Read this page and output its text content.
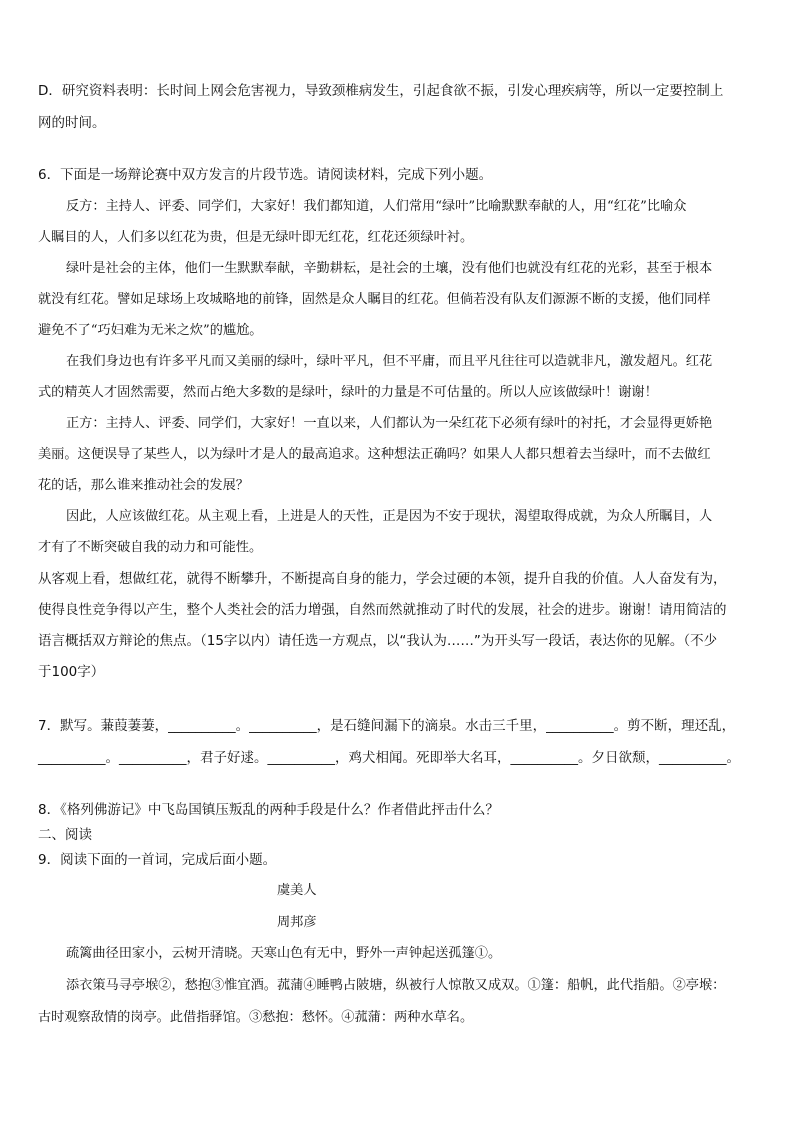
D．研究资料表明：长时间上网会危害视力，导致颈椎病发生，引起食欲不振，引发心理疾病等，所以一定要控制上
网的时间。
6．下面是一场辩论赛中双方发言的片段节选。请阅读材料，完成下列小题。
反方：主持人、评委、同学们，大家好！我们都知道，人们常用“绿叶”比喻默默奉献的人，用“红花”比喻众
人瞩目的人，人们多以红花为贵，但是无绿叶即无红花，红花还须绿叶衬。
绿叶是社会的主体，他们一生默默奉献，辛勤耕耘，是社会的土壤，没有他们也就没有红花的光彩，甚至于根本
就没有红花。譬如足球场上攻城略地的前锋，固然是众人瞩目的红花。但倘若没有队友们源源不断的支援，他们同样
避免不了“巧妇难为无米之炊”的尴尬。
在我们身边也有许多平凡而又美丽的绿叶，绿叶平凡，但不平庸，而且平凡往往可以造就非凡，激发超凡。红花
式的精英人才固然需要，然而占绝大多数的是绿叶，绿叶的力量是不可估量的。所以人应该做绿叶！谢谢！
正方：主持人、评委、同学们，大家好！一直以来，人们都认为一朵红花下必须有绿叶的衬托，才会显得更娇艳
美丽。这便误导了某些人，以为绿叶才是人的最高追求。这种想法正确吗？如果人人都只想着去当绿叶，而不去做红
花的话，那么谁来推动社会的发展？
因此，人应该做红花。从主观上看，上进是人的天性，正是因为不安于现状，渴望取得成就，为众人所瞩目，人
才有了不断突破自我的动力和可能性。
从客观上看，想做红花，就得不断攀升，不断提高自身的能力，学会过硬的本领，提升自我的价值。人人奋发有为，
使得良性竞争得以产生，整个人类社会的活力增强，自然而然就推动了时代的发展，社会的进步。谢谢！请用简洁的
语言概括双方辩论的焦点。（15字以内）请任选一方观点，以“我认为……”为开头写一段话，表达你的见解。（不少
于100字）
7．默写。蒹葭萋萋，__________。__________，是石缝间漏下的滴泉。水击三千里，__________。剪不断，理还乱，
__________。__________，君子好逑。__________，鸡犬相闻。死即举大名耳，__________。夕日欲颓，__________。
8．《格列佛游记》中飞岛国镇压叛乱的两种手段是什么？作者借此抨击什么？
二、阅读
9．阅读下面的一首词，完成后面小题。
虞美人
周邦彦
疏篱曲径田家小，云树开清晓。天寒山色有无中，野外一声钟起送孤篷①。
添衣策马寻亭堠②，愁抱③惟宜酒。菰蒲④睡鸭占陂塘，纵被行人惊散又成双。①篷：船帆，此代指船。②亭堠：
古时观察敌情的岗亭。此借指驿馆。③愁抱：愁怀。④菰蒲：两种水草名。
